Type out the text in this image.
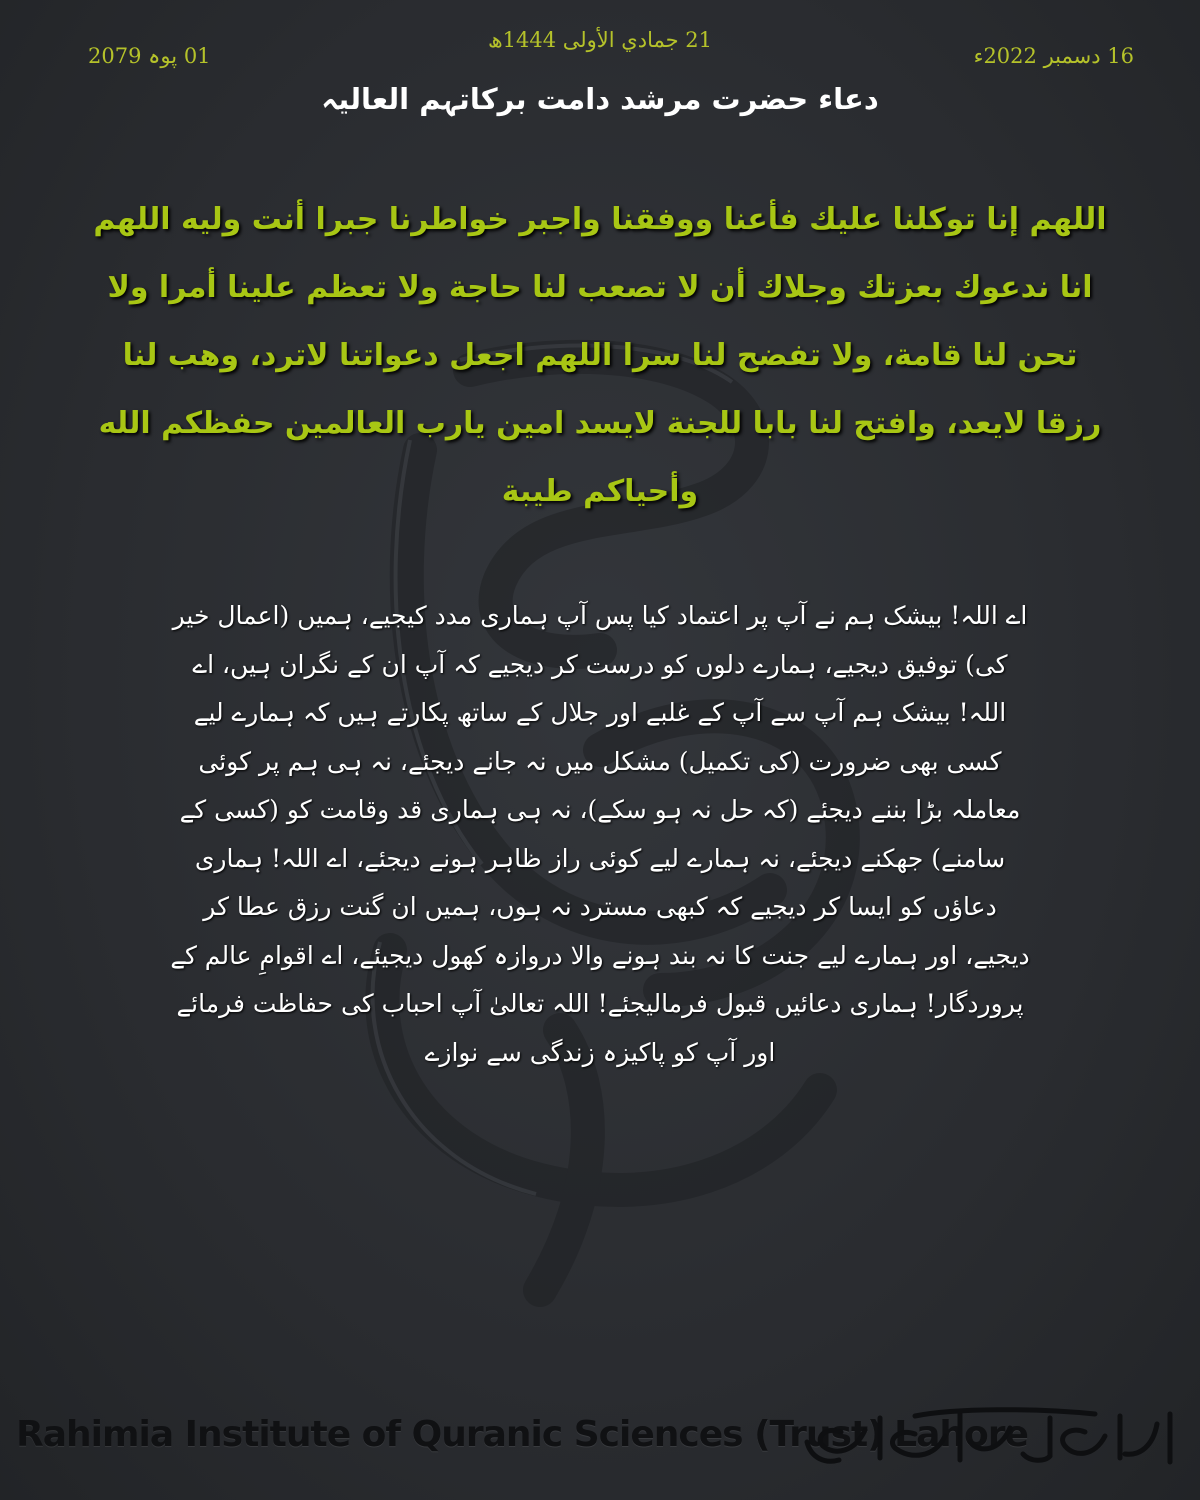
21 جمادي الأولى 1444ھ
16 دسمبر 2022ء
01 پوہ 2079
دعاء حضرت مرشد دامت برکاتہم العالیہ
اللهم إنا توكلنا عليك فأعنا ووفقنا واجبر خواطرنا جبرا أنت وليه اللهم انا ندعوك بعزتك وجلاك أن لا تصعب لنا حاجة ولا تعظم علينا أمرا ولا تحن لنا قامة، ولا تفضح لنا سرا اللهم اجعل دعواتنا لاترد، وهب لنا رزقا لايعد، وافتح لنا بابا للجنة لايسد امين يارب العالمين حفظكم الله وأحياكم طيبة
اے اللہ! بیشک ہم نے آپ پر اعتماد کیا پس آپ ہماری مدد کیجیے، ہمیں (اعمال خیر کی) توفیق دیجیے، ہمارے دلوں کو درست کر دیجیے کہ آپ ان کے نگران ہیں، اے اللہ! بیشک ہم آپ سے آپ کے غلبے اور جلال کے ساتھ پکارتے ہیں کہ ہمارے لیے کسی بھی ضرورت (کی تکمیل) مشکل میں نہ جانے دیجئے، نہ ہی ہم پر کوئی معاملہ بڑا بننے دیجئے (کہ حل نہ ہو سکے)، نہ ہی ہماری قد وقامت کو (کسی کے سامنے) جھکنے دیجئے، نہ ہمارے لیے کوئی راز ظاہر ہونے دیجئے، اے اللہ! ہماری دعاؤں کو ایسا کر دیجیے کہ کبھی مسترد نہ ہوں، ہمیں ان گنت رزق عطا کر دیجیے، اور ہمارے لیے جنت کا نہ بند ہونے والا دروازہ کھول دیجیئے، اے اقوامِ عالم کے پروردگار! ہماری دعائیں قبول فرمالیجئے! اللہ تعالیٰ آپ احباب کی حفاظت فرمائے اور آپ کو پاکیزہ زندگی سے نوازے
Rahimia Institute of Quranic Sciences (Trust) Lahore
